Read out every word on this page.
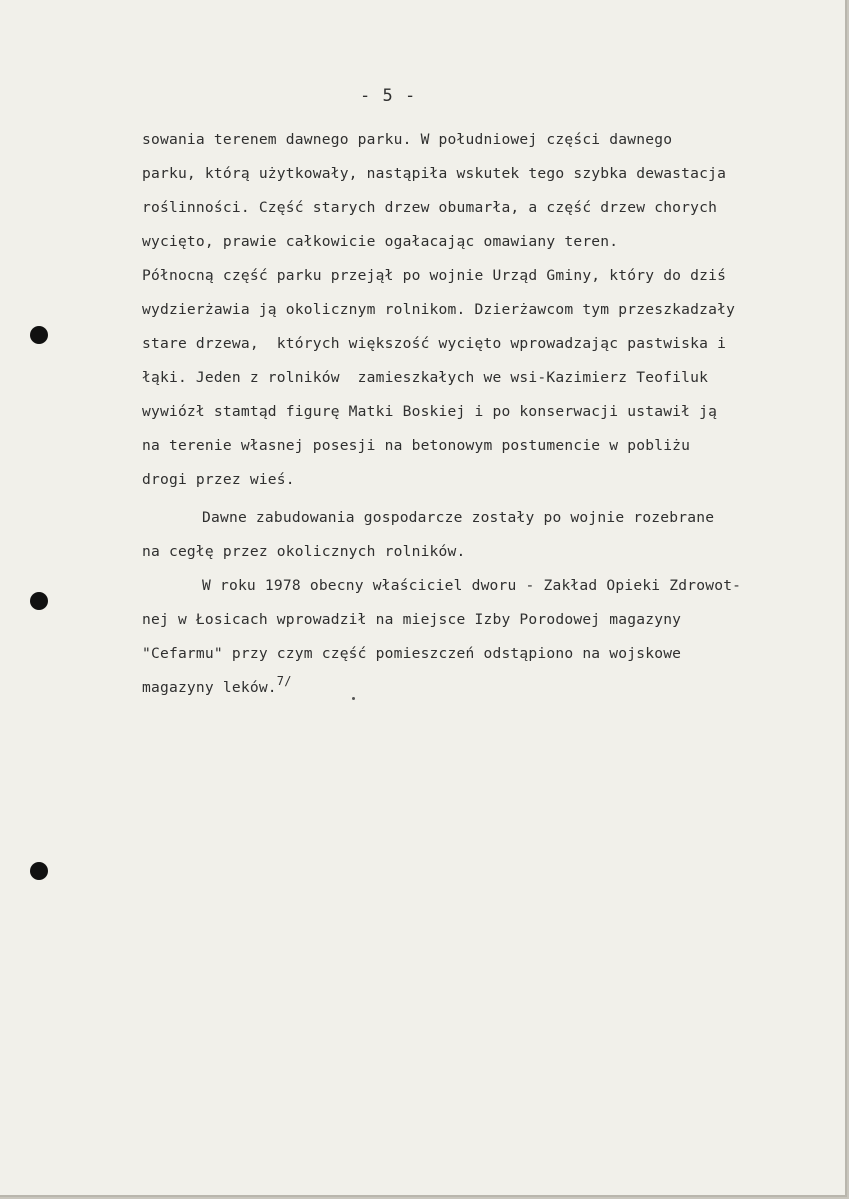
- 5 -
sowania terenem dawnego parku. W południowej części dawnego
parku, którą użytkowały, nastąpiła wskutek tego szybka dewastacja
roślinności. Część starych drzew obumarła, a część drzew chorych
wycięto, prawie całkowicie ogałacając omawiany teren.
Północną część parku przejął po wojnie Urząd Gminy, który do dziś
wydzierżawia ją okolicznym rolnikom. Dzierżawcom tym przeszkadzały
stare drzewa,  których większość wycięto wprowadzając pastwiska i
łąki. Jeden z rolników  zamieszkałych we wsi-Kazimierz Teofiluk
wywiózł stamtąd figurę Matki Boskiej i po konserwacji ustawił ją
na terenie własnej posesji na betonowym postumencie w pobliżu
drogi przez wieś.
Dawne zabudowania gospodarcze zostały po wojnie rozebrane
na cegłę przez okolicznych rolników.
W roku 1978 obecny właściciel dworu - Zakład Opieki Zdrowot-
nej w Łosicach wprowadził na miejsce Izby Porodowej magazyny
"Cefarmu" przy czym część pomieszczeń odstąpiono na wojskowe
magazyny leków.$^{7/}$
